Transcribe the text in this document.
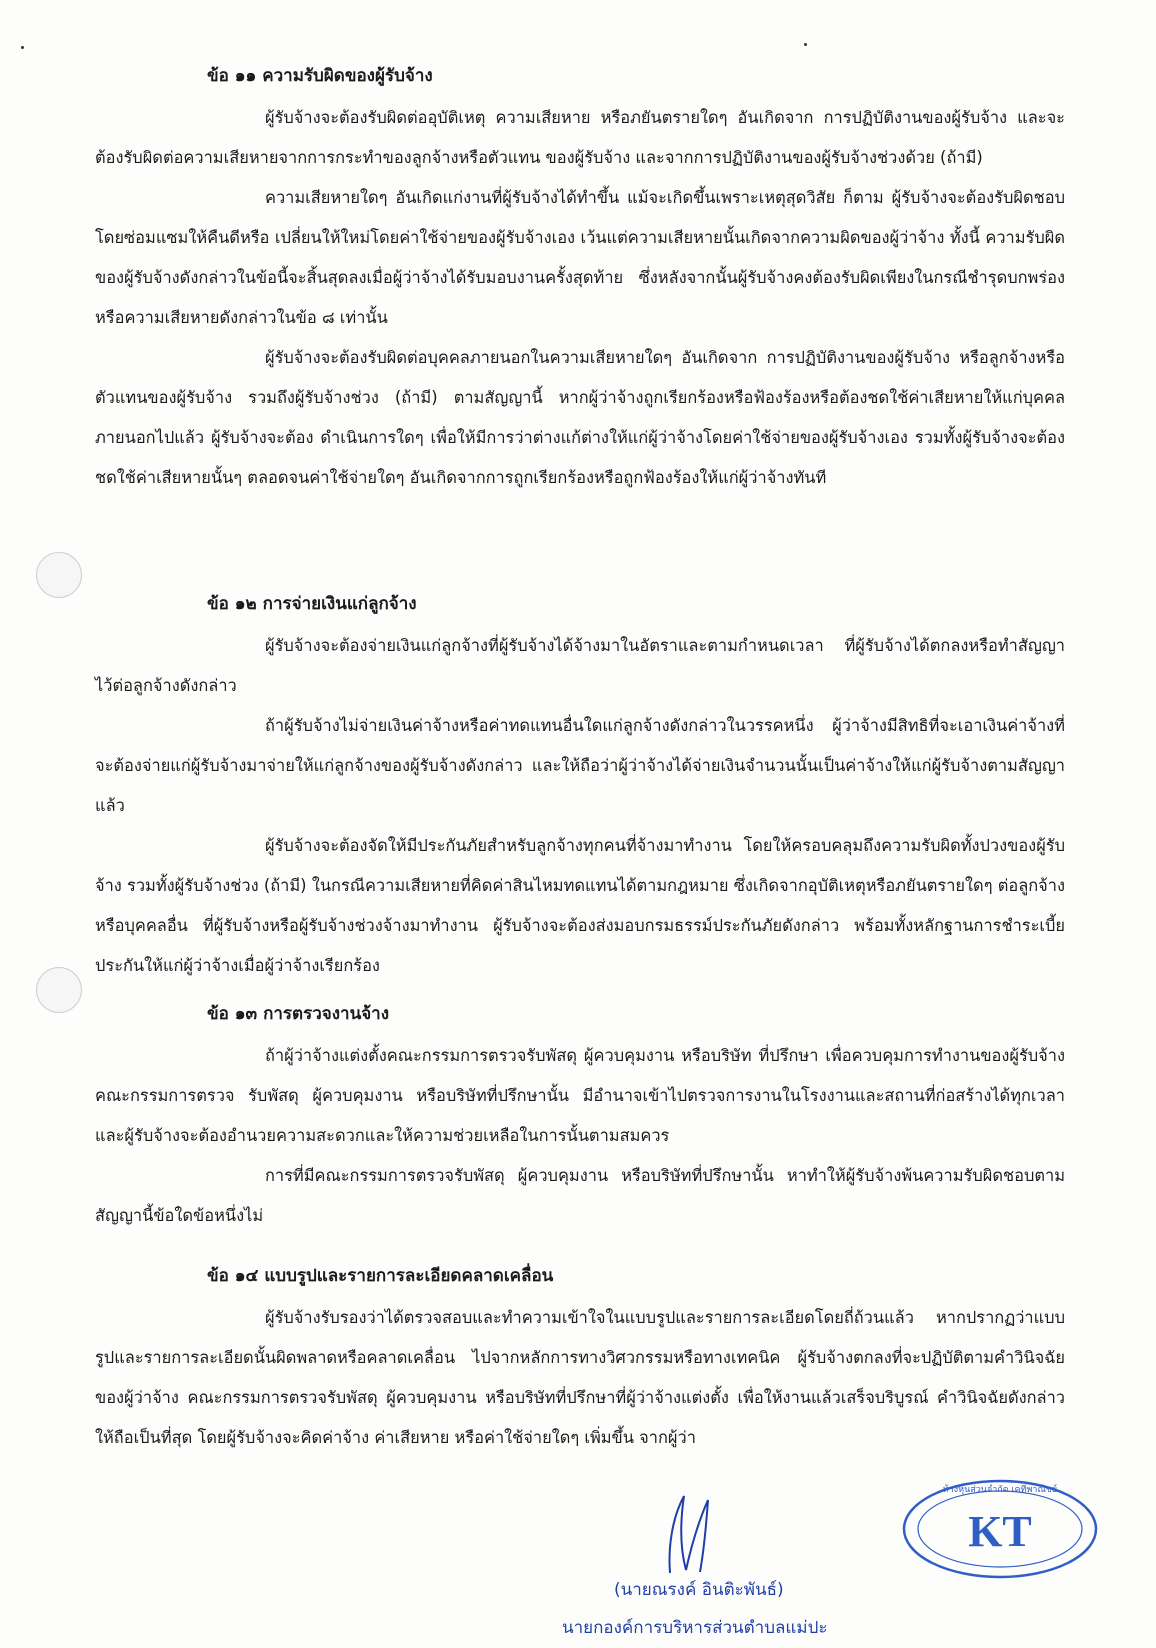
ข้อ ๑๑ ความรับผิดของผู้รับจ้าง

ผู้รับจ้างจะต้องรับผิดต่ออุบัติเหตุ ความเสียหาย หรือภยันตรายใดๆ อันเกิดจาก การปฏิบัติงานของผู้รับจ้าง และจะต้องรับผิดต่อความเสียหายจากการกระทำของลูกจ้างหรือตัวแทน ของผู้รับจ้าง และจากการปฏิบัติงานของผู้รับจ้างช่วงด้วย (ถ้ามี)

ความเสียหายใดๆ อันเกิดแก่งานที่ผู้รับจ้างได้ทำขึ้น แม้จะเกิดขึ้นเพราะเหตุสุดวิสัย ก็ตาม ผู้รับจ้างจะต้องรับผิดชอบโดยซ่อมแซมให้คืนดีหรือ เปลี่ยนให้ใหม่โดยค่าใช้จ่ายของผู้รับจ้างเอง เว้นแต่ความเสียหายนั้นเกิดจากความผิดของผู้ว่าจ้าง ทั้งนี้ ความรับผิดของผู้รับจ้างดังกล่าวในข้อนี้จะสิ้นสุดลงเมื่อผู้ว่าจ้างได้รับมอบงานครั้งสุดท้าย ซึ่งหลังจากนั้นผู้รับจ้างคงต้องรับผิดเพียงในกรณีชำรุดบกพร่อง หรือความเสียหายดังกล่าวในข้อ ๘ เท่านั้น

ผู้รับจ้างจะต้องรับผิดต่อบุคคลภายนอกในความเสียหายใดๆ อันเกิดจาก การปฏิบัติงานของผู้รับจ้าง หรือลูกจ้างหรือตัวแทนของผู้รับจ้าง รวมถึงผู้รับจ้างช่วง (ถ้ามี) ตามสัญญานี้ หากผู้ว่าจ้างถูกเรียกร้องหรือฟ้องร้องหรือต้องชดใช้ค่าเสียหายให้แก่บุคคลภายนอกไปแล้ว ผู้รับจ้างจะต้อง ดำเนินการใดๆ เพื่อให้มีการว่าต่างแก้ต่างให้แก่ผู้ว่าจ้างโดยค่าใช้จ่ายของผู้รับจ้างเอง รวมทั้งผู้รับจ้างจะต้องชดใช้ค่าเสียหายนั้นๆ ตลอดจนค่าใช้จ่ายใดๆ อันเกิดจากการถูกเรียกร้องหรือถูกฟ้องร้องให้แก่ผู้ว่าจ้างทันที

ข้อ ๑๒ การจ่ายเงินแก่ลูกจ้าง

ผู้รับจ้างจะต้องจ่ายเงินแก่ลูกจ้างที่ผู้รับจ้างได้จ้างมาในอัตราและตามกำหนดเวลา ที่ผู้รับจ้างได้ตกลงหรือทำสัญญาไว้ต่อลูกจ้างดังกล่าว

ถ้าผู้รับจ้างไม่จ่ายเงินค่าจ้างหรือค่าทดแทนอื่นใดแก่ลูกจ้างดังกล่าวในวรรคหนึ่ง ผู้ว่าจ้างมีสิทธิที่จะเอาเงินค่าจ้างที่จะต้องจ่ายแก่ผู้รับจ้างมาจ่ายให้แก่ลูกจ้างของผู้รับจ้างดังกล่าว และให้ถือว่าผู้ว่าจ้างได้จ่ายเงินจำนวนนั้นเป็นค่าจ้างให้แก่ผู้รับจ้างตามสัญญาแล้ว

ผู้รับจ้างจะต้องจัดให้มีประกันภัยสำหรับลูกจ้างทุกคนที่จ้างมาทำงาน โดยให้ครอบคลุมถึงความรับผิดทั้งปวงของผู้รับจ้าง รวมทั้งผู้รับจ้างช่วง (ถ้ามี) ในกรณีความเสียหายที่คิดค่าสินไหมทดแทนได้ตามกฎหมาย ซึ่งเกิดจากอุบัติเหตุหรือภยันตรายใดๆ ต่อลูกจ้างหรือบุคคลอื่น ที่ผู้รับจ้างหรือผู้รับจ้างช่วงจ้างมาทำงาน ผู้รับจ้างจะต้องส่งมอบกรมธรรม์ประกันภัยดังกล่าว พร้อมทั้งหลักฐานการชำระเบี้ยประกันให้แก่ผู้ว่าจ้างเมื่อผู้ว่าจ้างเรียกร้อง

ข้อ ๑๓ การตรวจงานจ้าง

ถ้าผู้ว่าจ้างแต่งตั้งคณะกรรมการตรวจรับพัสดุ ผู้ควบคุมงาน หรือบริษัท ที่ปรึกษา เพื่อควบคุมการทำงานของผู้รับจ้าง คณะกรรมการตรวจ รับพัสดุ ผู้ควบคุมงาน หรือบริษัทที่ปรึกษานั้น มีอำนาจเข้าไปตรวจการงานในโรงงานและสถานที่ก่อสร้างได้ทุกเวลา และผู้รับจ้างจะต้องอำนวยความสะดวกและให้ความช่วยเหลือในการนั้นตามสมควร

การที่มีคณะกรรมการตรวจรับพัสดุ ผู้ควบคุมงาน หรือบริษัทที่ปรึกษานั้น หาทำให้ผู้รับจ้างพ้นความรับผิดชอบตามสัญญานี้ข้อใดข้อหนึ่งไม่

ข้อ ๑๔ แบบรูปและรายการละเอียดคลาดเคลื่อน

ผู้รับจ้างรับรองว่าได้ตรวจสอบและทำความเข้าใจในแบบรูปและรายการละเอียดโดยถี่ถ้วนแล้ว หากปรากฏว่าแบบรูปและรายการละเอียดนั้นผิดพลาดหรือคลาดเคลื่อน ไปจากหลักการทางวิศวกรรมหรือทางเทคนิค ผู้รับจ้างตกลงที่จะปฏิบัติตามคำวินิจฉัยของผู้ว่าจ้าง คณะกรรมการตรวจรับพัสดุ ผู้ควบคุมงาน หรือบริษัทที่ปรึกษาที่ผู้ว่าจ้างแต่งตั้ง เพื่อให้งานแล้วเสร็จบริบูรณ์ คำวินิจฉัยดังกล่าวให้ถือเป็นที่สุด โดยผู้รับจ้างจะคิดค่าจ้าง ค่าเสียหาย หรือค่าใช้จ่ายใดๆ เพิ่มขึ้น จากผู้ว่า

KT
ห้างหุ้นส่วนจำกัด เคทีพาณิชย์
(นายณรงค์ อินติะพันธ์)
นายกองค์การบริหารส่วนตำบลแม่ปะ
